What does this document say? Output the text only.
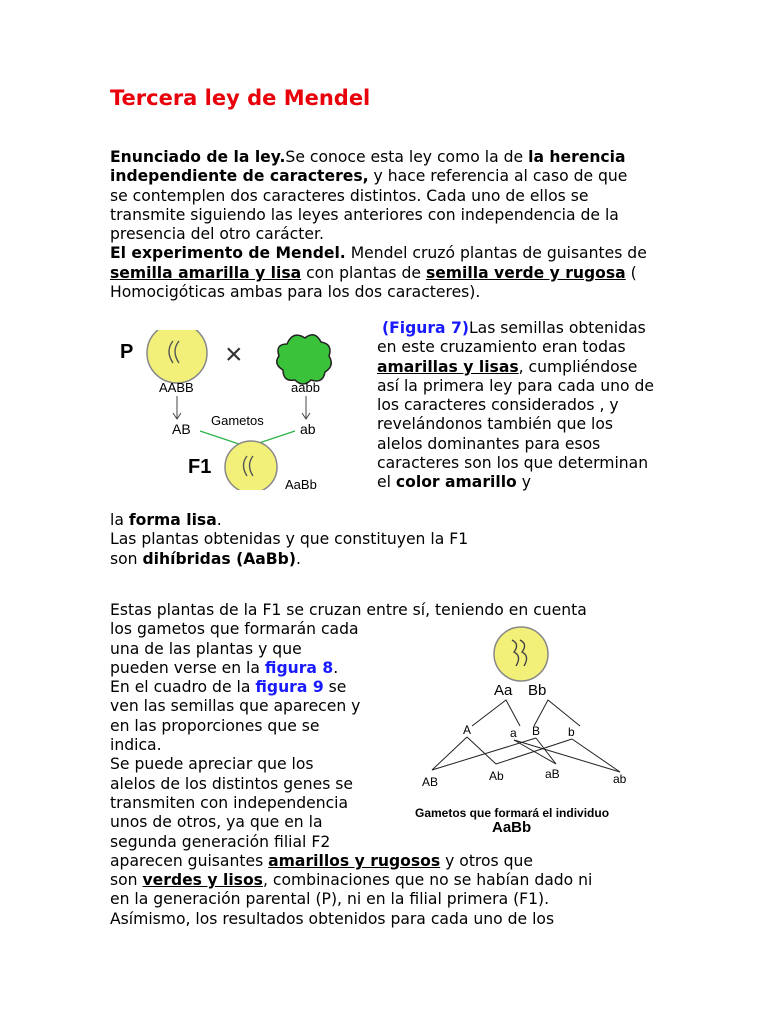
Tercera ley de Mendel
Enunciado de la ley.Se conoce esta ley como la de la herencia independiente de caracteres, y hace referencia al caso de que se contemplen dos caracteres distintos. Cada uno de ellos se transmite siguiendo las leyes anteriores con independencia de la presencia del otro carácter.
El experimento de Mendel. Mendel cruzó plantas de guisantes de semilla amarilla y lisa con plantas de semilla verde y rugosa ( Homocigóticas ambas para los dos caracteres).
P	×
AABB	aabb
Gametos
AB	ab
F1
AaBb
(Figura 7)Las semillas obtenidas en este cruzamiento eran todas amarillas y lisas, cumpliéndose así la primera ley para cada uno de los caracteres considerados , y revelándonos también que los alelos dominantes para esos caracteres son los que determinan el color amarillo y
la forma lisa.
Las plantas obtenidas y que constituyen la F1
son dihíbridas (AaBb).
Estas plantas de la F1 se cruzan entre sí, teniendo en cuenta
los gametos que formarán cada
una de las plantas y que
pueden verse en la figura 8.
En el cuadro de la figura 9 se
ven las semillas que aparecen y
en las proporciones que se
indica.
Se puede apreciar que los
alelos de los distintos genes se
transmiten con independencia
unos de otros, ya que en la
segunda generación filial F2
aparecen guisantes amarillos y rugosos y otros que
son verdes y lisos, combinaciones que no se habían dado ni
en la generación parental (P), ni en la filial primera (F1).
Asímismo, los resultados obtenidos para cada uno de los
Aa Bb
A	a B b
AB	Ab	aB	ab
Gametos que formará el individuo
AaBb
